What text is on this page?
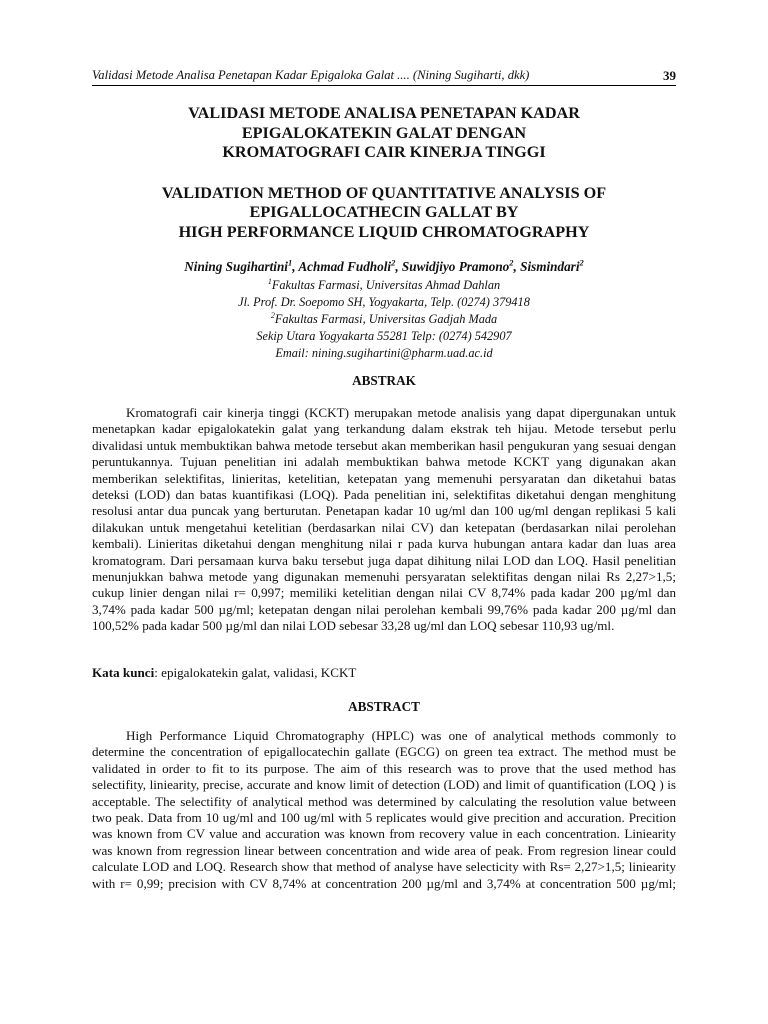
Validasi Metode Analisa Penetapan Kadar Epigaloka Galat .... (Nining Sugiharti, dkk)	39
VALIDASI METODE ANALISA PENETAPAN KADAR
EPIGALOKATEKIN GALAT DENGAN
KROMATOGRAFI CAIR KINERJA TINGGI
VALIDATION METHOD OF QUANTITATIVE ANALYSIS OF
EPIGALLOCATHECIN GALLAT BY
HIGH PERFORMANCE LIQUID CHROMATOGRAPHY
Nining Sugihartini$^1$, Achmad Fudholi$^2$, Suwidjiyo Pramono$^2$, Sismindari$^2$
$^1$Fakultas Farmasi, Universitas Ahmad Dahlan
Jl. Prof. Dr. Soepomo SH, Yogyakarta, Telp. (0274) 379418
$^2$Fakultas Farmasi, Universitas Gadjah Mada
Sekip Utara Yogyakarta 55281 Telp: (0274) 542907
Email: nining.sugihartini@pharm.uad.ac.id
ABSTRAK

Kromatografi cair kinerja tinggi (KCKT) merupakan metode analisis yang dapat dipergunakan untuk menetapkan kadar epigalokatekin galat yang terkandung dalam ekstrak teh hijau. Metode tersebut perlu divalidasi untuk membuktikan bahwa metode tersebut akan memberikan hasil pengukuran yang sesuai dengan peruntukannya. Tujuan penelitian ini adalah membuktikan bahwa metode KCKT yang digunakan akan memberikan selektifitas, linieritas, ketelitian, ketepatan yang memenuhi persyaratan dan diketahui batas deteksi (LOD) dan batas kuantifikasi (LOQ). Pada penelitian ini, selektifitas diketahui dengan menghitung resolusi antar dua puncak yang berturutan. Penetapan kadar 10 ug/ml dan 100 ug/ml dengan replikasi 5 kali dilakukan untuk mengetahui ketelitian (berdasarkan nilai CV) dan ketepatan (berdasarkan nilai perolehan kembali). Linieritas diketahui dengan menghitung nilai r pada kurva hubungan antara kadar dan luas area kromatogram. Dari persamaan kurva baku tersebut juga dapat dihitung nilai LOD dan LOQ. Hasil penelitian menunjukkan bahwa metode yang digunakan memenuhi persyaratan selektifitas dengan nilai Rs 2,27>1,5; cukup linier dengan nilai r= 0,997; memiliki ketelitian dengan nilai CV 8,74% pada kadar 200 µg/ml dan 3,74% pada kadar 500 µg/ml; ketepatan dengan nilai perolehan kembali 99,76% pada kadar 200 µg/ml dan 100,52% pada kadar 500 µg/ml dan nilai LOD sebesar 33,28 ug/ml dan LOQ sebesar 110,93 ug/ml.

Kata kunci: epigalokatekin galat, validasi, KCKT
ABSTRACT

High Performance Liquid Chromatography (HPLC) was one of analytical methods commonly to determine the concentration of epigallocatechin gallate (EGCG) on green tea extract. The method must be validated in order to fit to its purpose. The aim of this research was to prove that the used method has selectifity, liniearity, precise, accurate and know limit of detection (LOD) and limit of quantification (LOQ ) is acceptable. The selectifity of analytical method was determined by calculating the resolution value between two peak. Data from 10 ug/ml and 100 ug/ml with 5 replicates would give precition and accuration. Precition was known from CV value and accuration was known from recovery value in each concentration. Liniearity was known from regression linear between concentration and wide area of peak. From regresion linear could calculate LOD and LOQ. Research show that method of analyse have selecticity with Rs= 2,27>1,5; liniearity with r= 0,99; precision with CV 8,74% at concentration 200 µg/ml and 3,74% at concentration 500 µg/ml;
